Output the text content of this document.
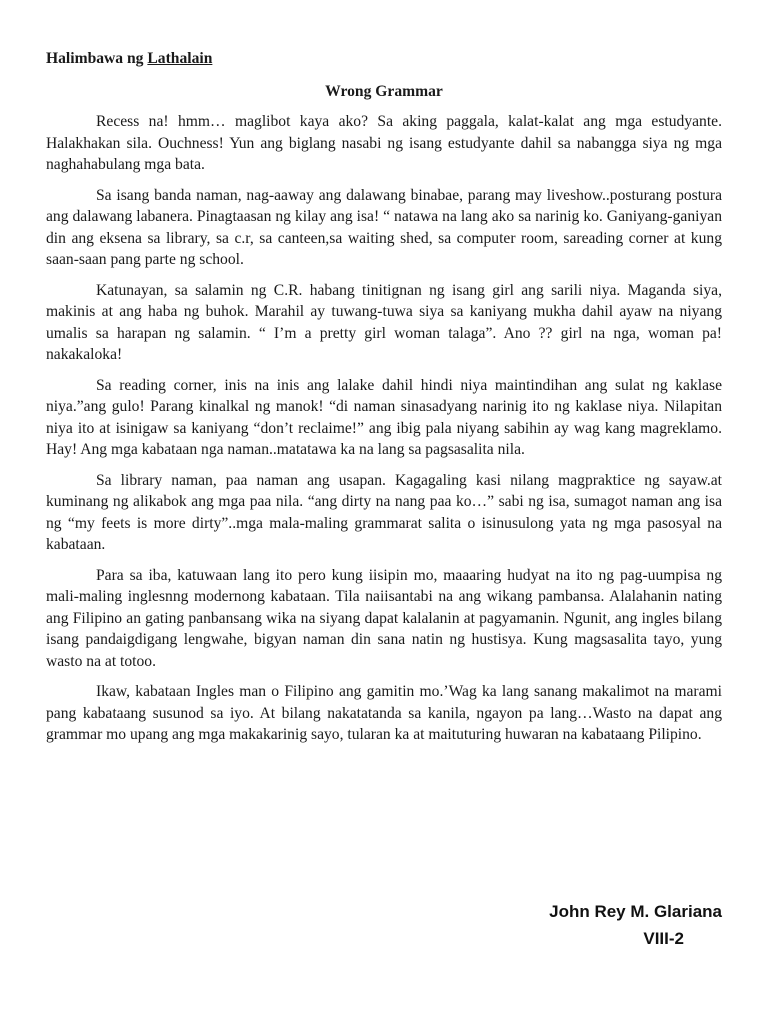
Halimbawa ng Lathalain
Wrong Grammar

Recess na! hmm… maglibot kaya ako? Sa aking paggala, kalat-kalat ang mga estudyante. Halakhakan sila. Ouchness! Yun ang biglang nasabi ng isang estudyante dahil sa nabangga siya ng mga naghahabulang mga bata.

Sa isang banda naman, nag-aaway ang dalawang binabae, parang may liveshow..posturang postura ang dalawang labanera. Pinagtaasan ng kilay ang isa! “ natawa na lang ako sa narinig ko. Ganiyang-ganiyan din ang eksena sa library, sa c.r, sa canteen,sa waiting shed, sa computer room, sareading corner at kung saan-saan pang parte ng school.

Katunayan, sa salamin ng C.R. habang tinitignan ng isang girl ang sarili niya. Maganda siya, makinis at ang haba ng buhok. Marahil ay tuwang-tuwa siya sa kaniyang mukha dahil ayaw na niyang umalis sa harapan ng salamin. “ I’m a pretty girl woman talaga”. Ano ?? girl na nga, woman pa! nakakaloka!

Sa reading corner, inis na inis ang lalake dahil hindi niya maintindihan ang sulat ng kaklase niya.”ang gulo! Parang kinalkal ng manok! “di naman sinasadyang narinig ito ng kaklase niya. Nilapitan niya ito at isinigaw sa kaniyang “don’t reclaime!” ang ibig pala niyang sabihin ay wag kang magreklamo. Hay! Ang mga kabataan nga naman..matatawa ka na lang sa pagsasalita nila.

Sa library naman, paa naman ang usapan. Kagagaling kasi nilang magpraktice ng sayaw.at kuminang ng alikabok ang mga paa nila. “ang dirty na nang paa ko…” sabi ng isa, sumagot naman ang isa ng “my feets is more dirty”..mga mala-maling grammarat salita o isinusulong yata ng mga pasosyal na kabataan.

Para sa iba, katuwaan lang ito pero kung iisipin mo, maaaring hudyat na ito ng pag-uumpisa ng mali-maling inglesnng modernong kabataan. Tila naiisantabi na ang wikang pambansa. Alalahanin nating ang Filipino an gating panbansang wika na siyang dapat kalalanin at pagyamanin. Ngunit, ang ingles bilang isang pandaigdigang lengwahe, bigyan naman din sana natin ng hustisya. Kung magsasalita tayo, yung wasto na at totoo.

Ikaw, kabataan Ingles man o Filipino ang gamitin mo.’Wag ka lang sanang makalimot na marami pang kabataang susunod sa iyo. At bilang nakatatanda sa kanila, ngayon pa lang…Wasto na dapat ang grammar mo upang ang mga makakarinig sayo, tularan ka at maituturing huwaran na kabataang Pilipino.

John Rey M. Glariana
VIII-2
